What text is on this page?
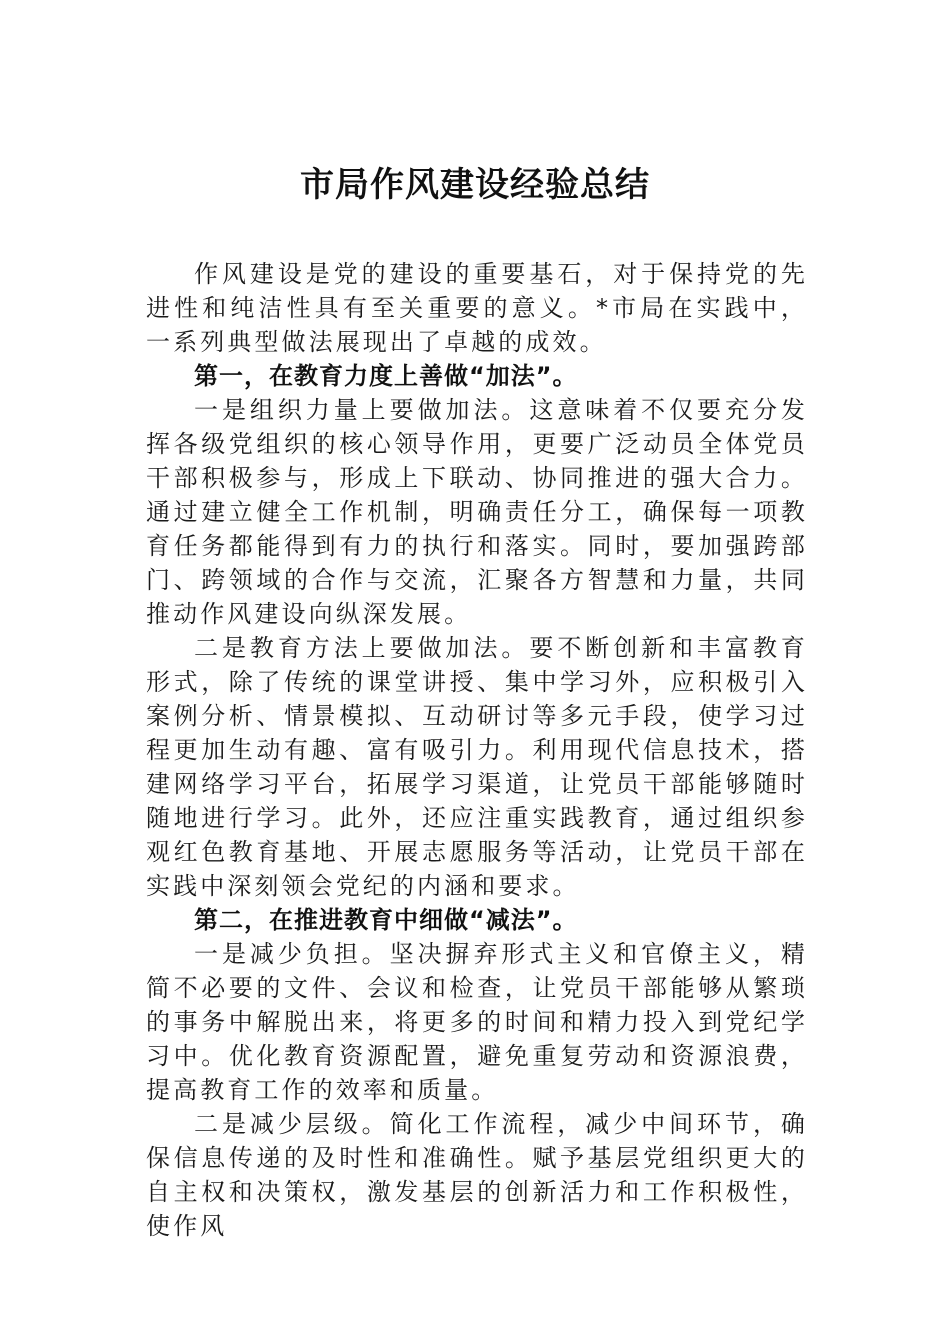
市局作风建设经验总结

作风建设是党的建设的重要基石，对于保持党的先进性和纯洁性具有至关重要的意义。*市局在实践中，一系列典型做法展现出了卓越的成效。

第一，在教育力度上善做“加法”。

一是组织力量上要做加法。这意味着不仅要充分发挥各级党组织的核心领导作用，更要广泛动员全体党员干部积极参与，形成上下联动、协同推进的强大合力。通过建立健全工作机制，明确责任分工，确保每一项教育任务都能得到有力的执行和落实。同时，要加强跨部门、跨领域的合作与交流，汇聚各方智慧和力量，共同推动作风建设向纵深发展。

二是教育方法上要做加法。要不断创新和丰富教育形式，除了传统的课堂讲授、集中学习外，应积极引入案例分析、情景模拟、互动研讨等多元手段，使学习过程更加生动有趣、富有吸引力。利用现代信息技术，搭建网络学习平台，拓展学习渠道，让党员干部能够随时随地进行学习。此外，还应注重实践教育，通过组织参观红色教育基地、开展志愿服务等活动，让党员干部在实践中深刻领会党纪的内涵和要求。

第二，在推进教育中细做“减法”。

一是减少负担。坚决摒弃形式主义和官僚主义，精简不必要的文件、会议和检查，让党员干部能够从繁琐的事务中解脱出来，将更多的时间和精力投入到党纪学习中。优化教育资源配置，避免重复劳动和资源浪费，提高教育工作的效率和质量。

二是减少层级。简化工作流程，减少中间环节，确保信息传递的及时性和准确性。赋予基层党组织更大的自主权和决策权，激发基层的创新活力和工作积极性，使作风
